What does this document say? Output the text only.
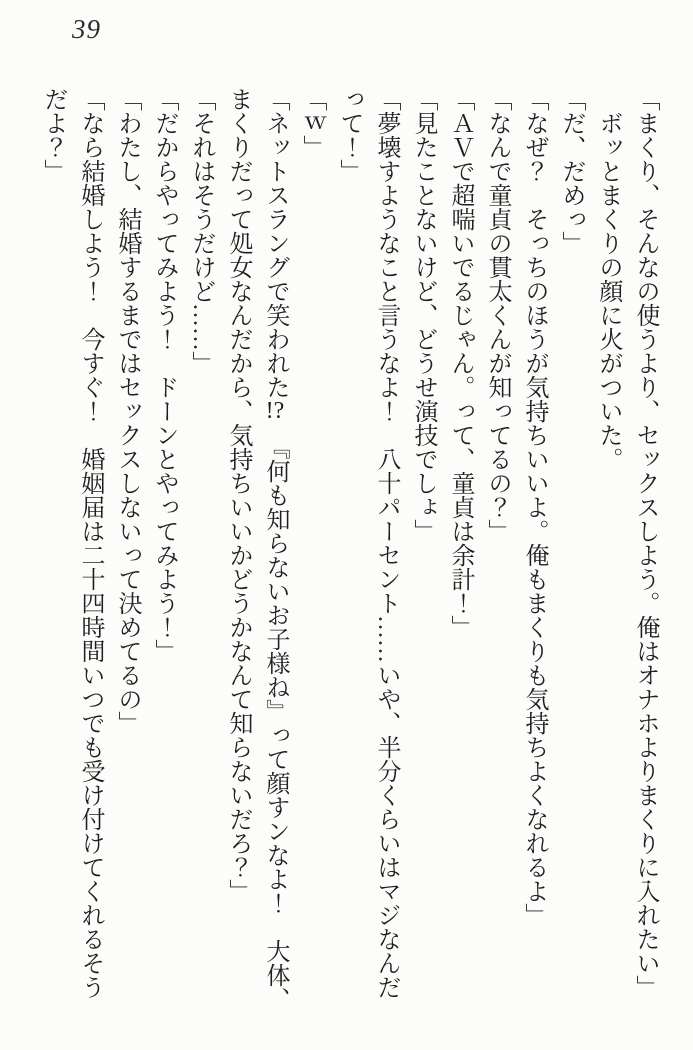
39
「まくり、そんなの使うより、セックスしよう。俺はオナホよりまくりに入れたい」
ボッとまくりの顔に火がついた。
「だ、だめっ」
「なぜ？　そっちのほうが気持ちいいよ。俺もまくりも気持ちよくなれるよ」
「なんで童貞の貫太くんが知ってるの？」
「ＡＶで超喘いでるじゃん。って、童貞は余計！」
「見たことないけど、どうせ演技でしょ」
「夢壊すようなこと言うなよ！　八十パーセント……いや、半分くらいはマジなんだ
って！」
「ｗ」
「ネットスラングで笑われた!?　『何も知らないお子様ね』って顔すンなよ！　大体、
まくりだって処女なんだから、気持ちいいかどうかなんて知らないだろ？」
「それはそうだけど……」
「だからやってみよう！　ドーンとやってみよう！」
「わたし、結婚するまではセックスしないって決めてるの」
「なら結婚しよう！　今すぐ！　婚姻届は二十四時間いつでも受け付けてくれるそう
だよ？」
